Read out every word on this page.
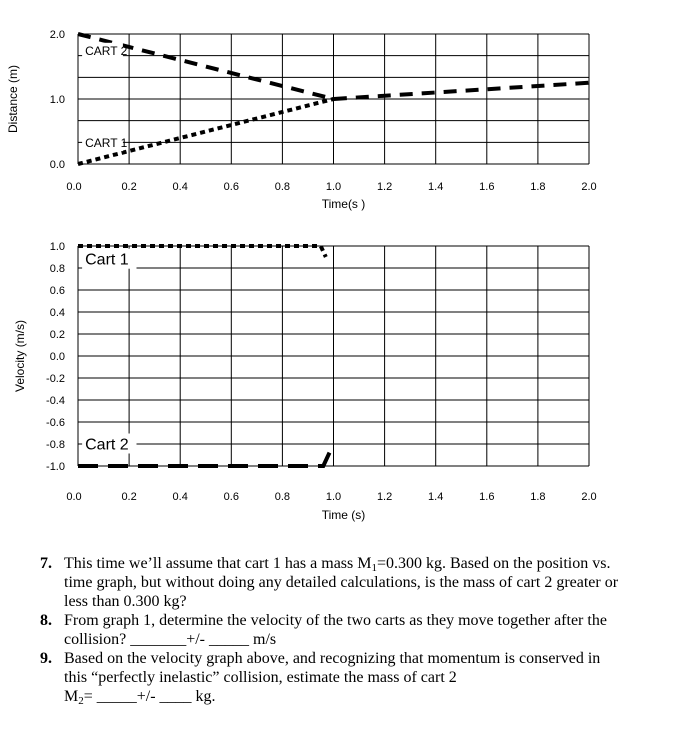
0.0	0.2	0.4	0.6	0.8	1.0	1.2	1.4	1.6	1.8	2.0
2.0
1.0
0.0
Time(s )
Distance (m)
CART 2
CART 1
0.0	0.2	0.4	0.6	0.8	1.0	1.2	1.4	1.6	1.8	2.0
1.0
0.8
0.6
0.4
0.2
0.0
-0.2
-0.4
-0.6
-0.8
-1.0
Time (s)
Velocity (m/s)
Cart 1
Cart 2
7. This time we’ll assume that cart 1 has a mass $M_1=0.300$ kg. Based on the position vs.
time graph, but without doing any detailed calculations, is the mass of cart 2 greater or
less than 0.300 kg?
8. From graph 1, determine the velocity of the two carts as they move together after the
collision? _______+/- _____ m/s
9. Based on the velocity graph above, and recognizing that momentum is conserved in
this “perfectly inelastic” collision, estimate the mass of cart 2
$M_2=$ _____+/- ____ kg.
